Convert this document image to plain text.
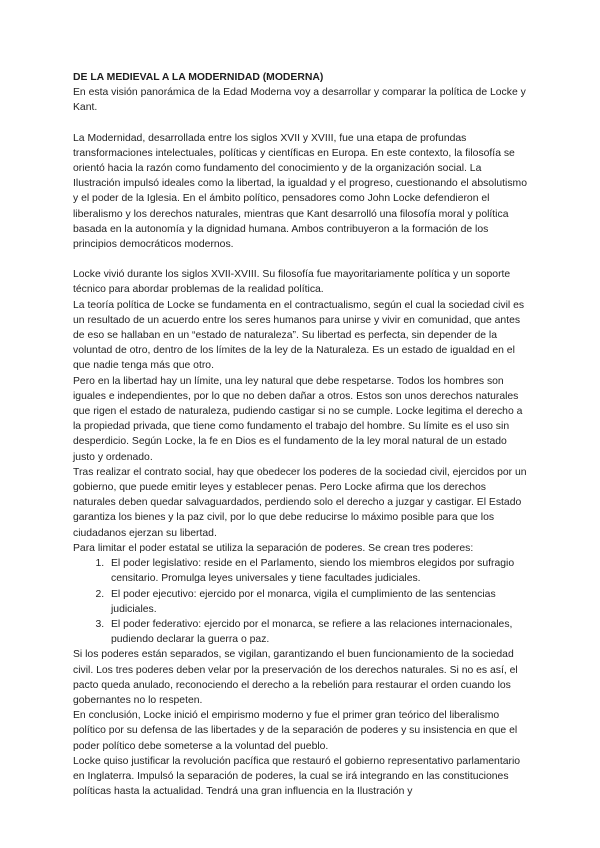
DE LA MEDIEVAL A LA MODERNIDAD (MODERNA)

En esta visión panorámica de la Edad Moderna voy a desarrollar y comparar la política de Locke y Kant.

La Modernidad, desarrollada entre los siglos XVII y XVIII, fue una etapa de profundas transformaciones intelectuales, políticas y científicas en Europa. En este contexto, la filosofía se orientó hacia la razón como fundamento del conocimiento y de la organización social. La Ilustración impulsó ideales como la libertad, la igualdad y el progreso, cuestionando el absolutismo y el poder de la Iglesia. En el ámbito político, pensadores como John Locke defendieron el liberalismo y los derechos naturales, mientras que Kant desarrolló una filosofía moral y política basada en la autonomía y la dignidad humana. Ambos contribuyeron a la formación de los principios democráticos modernos.

Locke vivió durante los siglos XVII-XVIII. Su filosofía fue mayoritariamente política y un soporte técnico para abordar problemas de la realidad política.

La teoría política de Locke se fundamenta en el contractualismo, según el cual la sociedad civil es un resultado de un acuerdo entre los seres humanos para unirse y vivir en comunidad, que antes de eso se hallaban en un “estado de naturaleza”. Su libertad es perfecta, sin depender de la voluntad de otro, dentro de los límites de la ley de la Naturaleza. Es un estado de igualdad en el que nadie tenga más que otro.

Pero en la libertad hay un límite, una ley natural que debe respetarse. Todos los hombres son iguales e independientes, por lo que no deben dañar a otros. Estos son unos derechos naturales que rigen el estado de naturaleza, pudiendo castigar si no se cumple. Locke legitima el derecho a la propiedad privada, que tiene como fundamento el trabajo del hombre. Su límite es el uso sin desperdicio. Según Locke, la fe en Dios es el fundamento de la ley moral natural de un estado justo y ordenado.

Tras realizar el contrato social, hay que obedecer los poderes de la sociedad civil, ejercidos por un gobierno, que puede emitir leyes y establecer penas. Pero Locke afirma que los derechos naturales deben quedar salvaguardados, perdiendo solo el derecho a juzgar y castigar. El Estado garantiza los bienes y la paz civil, por lo que debe reducirse lo máximo posible para que los ciudadanos ejerzan su libertad.

Para limitar el poder estatal se utiliza la separación de poderes. Se crean tres poderes:

1. El poder legislativo: reside en el Parlamento, siendo los miembros elegidos por sufragio censitario. Promulga leyes universales y tiene facultades judiciales.
2. El poder ejecutivo: ejercido por el monarca, vigila el cumplimiento de las sentencias judiciales.
3. El poder federativo: ejercido por el monarca, se refiere a las relaciones internacionales, pudiendo declarar la guerra o paz.

Si los poderes están separados, se vigilan, garantizando el buen funcionamiento de la sociedad civil. Los tres poderes deben velar por la preservación de los derechos naturales. Si no es así, el pacto queda anulado, reconociendo el derecho a la rebelión para restaurar el orden cuando los gobernantes no lo respeten.

En conclusión, Locke inició el empirismo moderno y fue el primer gran teórico del liberalismo político por su defensa de las libertades y de la separación de poderes y su insistencia en que el poder político debe someterse a la voluntad del pueblo.

Locke quiso justificar la revolución pacífica que restauró el gobierno representativo parlamentario en Inglaterra. Impulsó la separación de poderes, la cual se irá integrando en las constituciones políticas hasta la actualidad. Tendrá una gran influencia en la Ilustración y
